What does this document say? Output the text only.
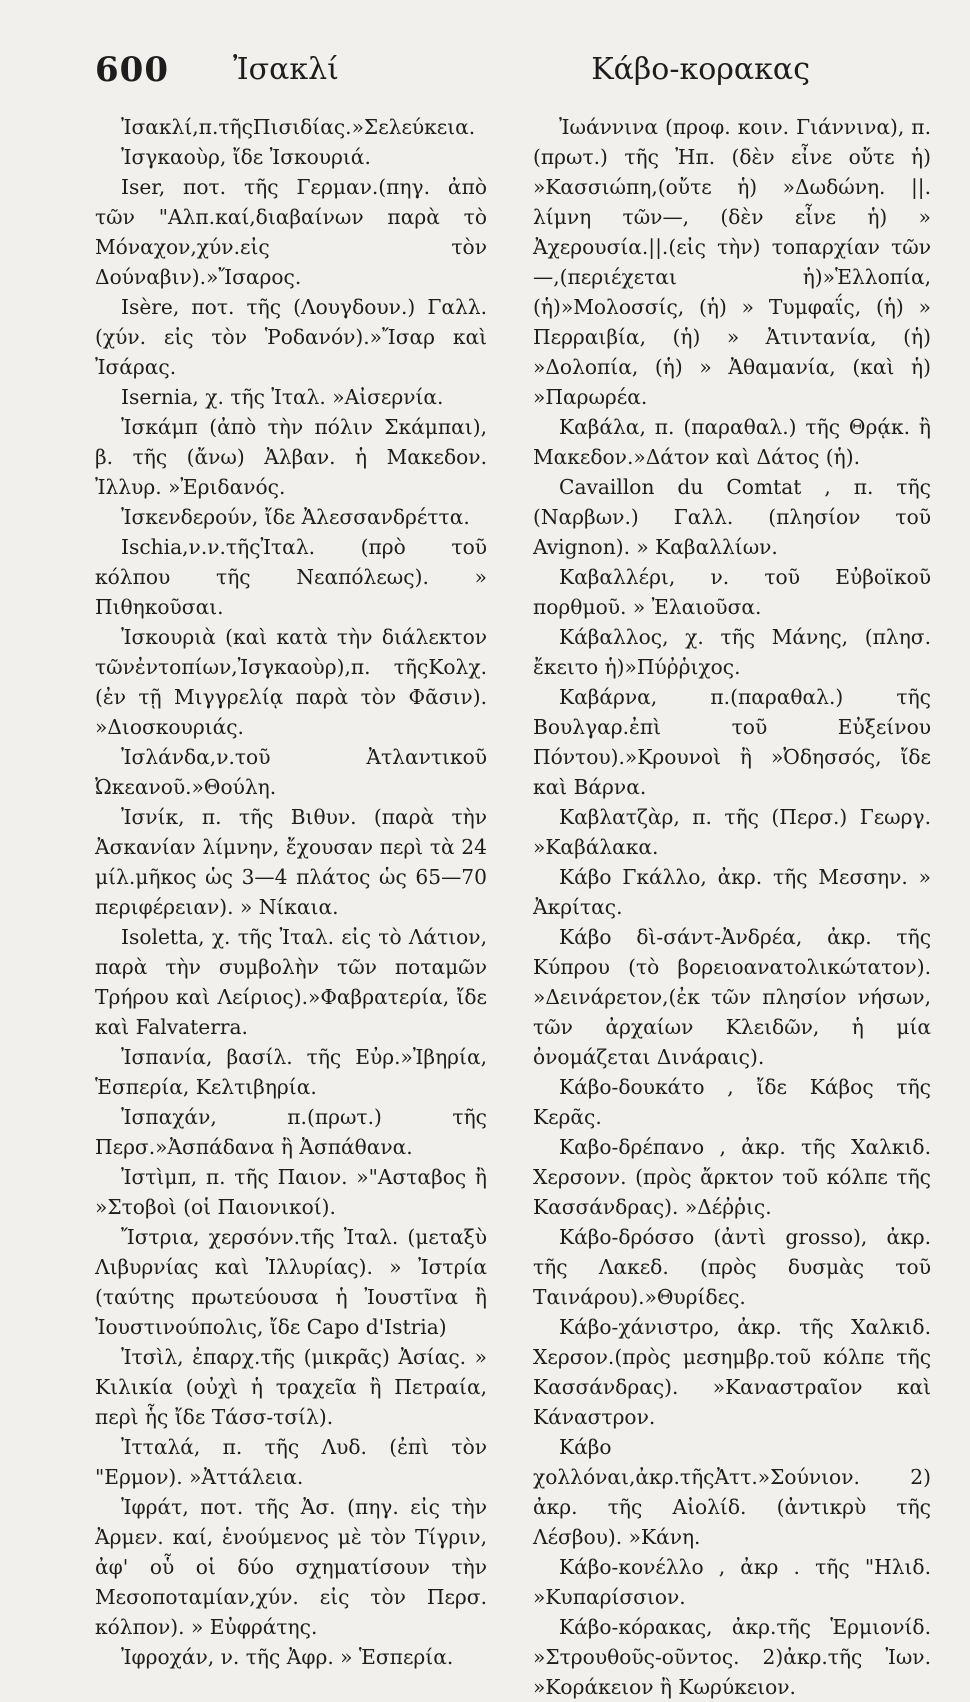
600 Ἰσακλί	Κάβο-κορακας

Ἰσακλί,π.τῆςΠισιδίας.»Σελεύκεια.

Ἰσγκαοὺρ, ἴδε Ἰσκουριά.

Iser, ποτ. τῆς Γερμαν.(πηγ. ἀπὸ τῶν "Αλπ.καί,διαβαίνων παρὰ τὸ Μόναχον,χύν.εἰς τὸν Δούναβιν).»Ἴσαρος.

Isère, ποτ. τῆς (Λουγδουν.) Γαλλ. (χύν. εἰς τὸν Ῥοδανόν).»Ἴσαρ καὶ Ἰσάρας.

Isernia, χ. τῆς Ἰταλ. »Αἰσερνία.

Ἰσκάμπ (ἀπὸ τὴν πόλιν Σκάμπαι), β. τῆς (ἄνω) Ἀλβαν. ἡ Μακεδον. Ἰλλυρ. »Ἐριδανός.

Ἰσκενδερούν, ἴδε Ἀλεσσανδρέττα.

Ischia,ν.ν.τῆςἸταλ. (πρὸ τοῦ κόλπου τῆς Νεαπόλεως). » Πιθηκοῦσαι.

Ἰσκουριὰ (καὶ κατὰ τὴν διάλεκτον τῶνἐντοπίων,Ἰσγκαοὺρ),π. τῆςΚολχ. (ἐν τῇ Μιγγρελίᾳ παρὰ τὸν Φᾶσιν). »Διοσκουριάς.

Ἰσλάνδα,ν.τοῦ Ἀτλαντικοῦ Ὠκεανοῦ.»Θούλη.

Ἰσνίκ, π. τῆς Βιθυν. (παρὰ τὴν Ἀσκανίαν λίμνην, ἔχουσαν περὶ τὰ 24 μίλ.μῆκος ὡς 3—4 πλάτος ὡς 65—70 περιφέρειαν). » Νίκαια.

Isoletta, χ. τῆς Ἰταλ. εἰς τὸ Λάτιον, παρὰ τὴν συμβολὴν τῶν ποταμῶν Τρήρου καὶ Λείριος).»Φαβρατερία, ἴδε καὶ Falvaterra.

Ἰσπανία, βασίλ. τῆς Εὐρ.»Ἰβηρία, Ἑσπερία, Κελτιβηρία.

Ἰσπαχάν, π.(πρωτ.) τῆς Περσ.»Ἀσπάδανα ἢ Ἀσπάθανα.

Ἰστὶμπ, π. τῆς Παιον. »"Ασταβος ἢ »Στοβοὶ (οἱ Παιονικοί).

Ἴστρια, χερσόνν.τῆς Ἰταλ. (μεταξὺ Λιβυρνίας καὶ Ἰλλυρίας). » Ἰστρία (ταύτης πρωτεύουσα ἡ Ἰουστῖνα ἢ Ἰουστινούπολις, ἴδε Capo d'Istria)

Ἰτσὶλ, ἐπαρχ.τῆς (μικρᾶς) Ἀσίας. » Κιλικία (οὐχὶ ἡ τραχεῖα ἢ Πετραία, περὶ ἧς ἴδε Τάσσ-τσίλ).

Ἰτταλά, π. τῆς Λυδ. (ἐπὶ τὸν "Ερμον). »Ἀττάλεια.

Ἰφράτ, ποτ. τῆς Ἀσ. (πηγ. εἰς τὴν Ἀρμεν. καί, ἑνούμενος μὲ τὸν Τίγριν, ἀφ' οὗ οἱ δύο σχηματίσουν τὴν Μεσοποταμίαν,χύν. εἰς τὸν Περσ. κόλπον). » Εὐφράτης.

Ἰφροχάν, ν. τῆς Ἀφρ. » Ἑσπερία.

Ἰωάννινα (προφ. κοιν. Γιάννινα), π. (πρωτ.) τῆς Ἠπ. (δὲν εἶνε οὔτε ἡ) »Κασσιώπη,(οὔτε ἡ) »Δωδώνη. ||. λίμνη τῶν—, (δὲν εἶνε ἡ) » Ἀχερουσία.||.(εἰς τὴν) τοπαρχίαν τῶν—,(περιέχεται ἡ)»Ἑλλοπία,(ἡ)»Μολοσσίς, (ἡ) » Τυμφαΐς, (ἡ) » Περραιβία, (ἡ) » Ἀτιντανία, (ἡ) »Δολοπία, (ἡ) » Ἀθαμανία, (καὶ ἡ) »Παρωρέα.

Καβάλα, π. (παραθαλ.) τῆς Θρᾴκ. ἢ Μακεδον.»Δάτον καὶ Δάτος (ἡ).

Cavaillon du Comtat , π. τῆς (Ναρβων.) Γαλλ. (πλησίον τοῦ Avignon). » Καβαλλίων.

Καβαλλέρι, ν. τοῦ Εὐβοϊκοῦ πορθμοῦ. » Ἐλαιοῦσα.

Κάβαλλος, χ. τῆς Μάνης, (πλησ. ἔκειτο ἡ)»Πύῤῥιχος.

Καβάρνα, π.(παραθαλ.) τῆς Βουλγαρ.ἐπὶ τοῦ Εὐξείνου Πόντου).»Κρουνοὶ ἢ »Ὀδησσός, ἴδε καὶ Βάρνα.

Καβλατζὰρ, π. τῆς (Περσ.) Γεωργ. »Καβάλακα.

Κάβο Γκάλλο, ἀκρ. τῆς Μεσσην. » Ἀκρίτας.

Κάβο δὶ-σάντ-Ἀνδρέα, ἀκρ. τῆς Κύπρου (τὸ βορειοανατολικώτατον). »Δεινάρετον,(ἐκ τῶν πλησίον νήσων, τῶν ἀρχαίων Κλειδῶν, ἡ μία ὀνομάζεται Δινάραις).

Κάβο-δουκάτο , ἴδε Κάβος τῆς Κερᾶς.

Καβο-δρέπανο , ἀκρ. τῆς Χαλκιδ. Χερσονν. (πρὸς ἄρκτον τοῦ κόλπε τῆς Κασσάνδρας). »Δέῤῥις.

Κάβο-δρόσσο (ἀντὶ grosso), ἀκρ. τῆς Λακεδ. (πρὸς δυσμὰς τοῦ Ταινάρου).»Θυρίδες.

Κάβο-χάνιστρο, ἀκρ. τῆς Χαλκιδ. Χερσον.(πρὸς μεσημβρ.τοῦ κόλπε τῆς Κασσάνδρας). »Καναστραῖον καὶ Κάναστρον.

Κάβο χολλόναι,ἀκρ.τῆςἈττ.»Σούνιον. 2) ἀκρ. τῆς Αἰολίδ. (ἀντικρὺ τῆς Λέσβου). »Κάνη.

Κάβο-κονέλλο , ἀκρ . τῆς "Ηλιδ. »Κυπαρίσσιον.

Κάβο-κόρακας, ἀκρ.τῆς Ἑρμιονίδ. »Στρουθοῦς-οῦντος. 2)ἀκρ.τῆς Ἰων. »Κοράκειον ἢ Κωρύκειον.
